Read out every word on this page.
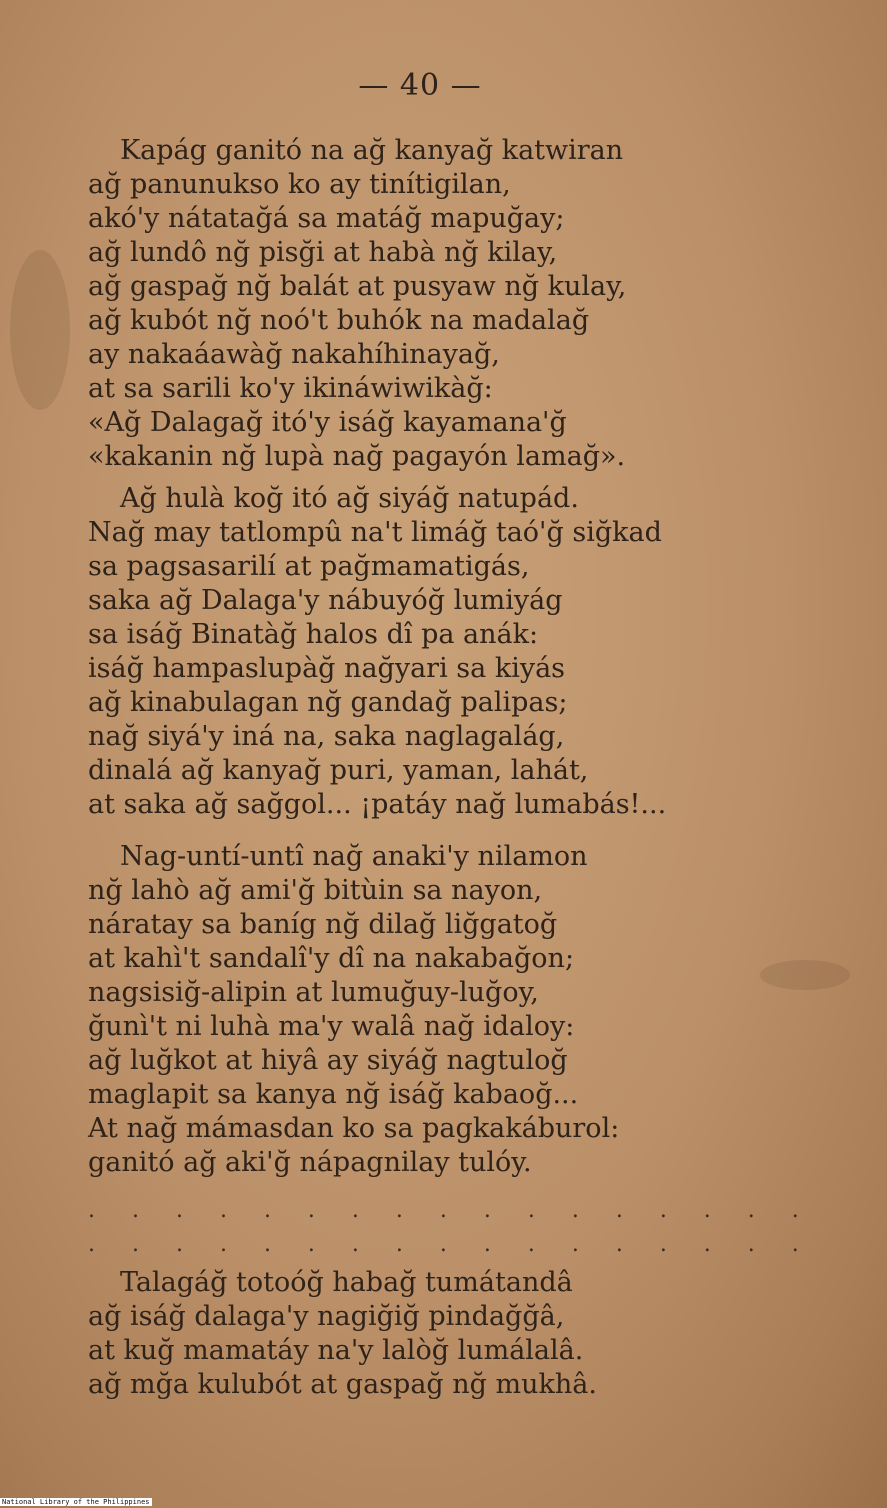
— 40 —
Kapág ganitó na ağ kanyağ katwiran
ağ panunukso ko ay tinítigilan,
akó'y nátatağá sa matáğ mapuğay;
ağ lundô nğ pisği at habà nğ kilay,
ağ gaspağ nğ balát at pusyaw nğ kulay,
ağ kubót nğ noó't buhók na madalağ
ay nakaáawàğ nakahíhinayağ,
at sa sarili ko'y ikináwiwikàğ:
«Ağ Dalagağ itó'y isáğ kayamana'ğ
«kakanin nğ lupà nağ pagayón lamağ».
Ağ hulà koğ itó ağ siyáğ natupád.
Nağ may tatlompû na't limáğ taó'ğ siğkad
sa pagsasarilí at pağmamatigás,
saka ağ Dalaga'y nábuyóğ lumiyág
sa isáğ Binatàğ halos dî pa anák:
isáğ hampaslupàğ nağyari sa kiyás
ağ kinabulagan nğ gandağ palipas;
nağ siyá'y iná na, saka naglagalág,
dinalá ağ kanyağ puri, yaman, lahát,
at saka ağ sağgol... ¡patáy nağ lumabás!...
Nag-untí-untî nağ anaki'y nilamon
nğ lahò ağ ami'ğ bitùin sa nayon,
náratay sa baníg nğ dilağ liğgatoğ
at kahì't sandalî'y dî na nakabağon;
nagsisiğ-alipin at lumuğuy-luğoy,
ğunì't ni luhà ma'y walâ nağ idaloy:
ağ luğkot at hiyâ ay siyáğ nagtuloğ
maglapit sa kanya nğ isáğ kabaoğ...
At nağ mámasdan ko sa pagkakáburol:
ganitó ağ aki'ğ nápagnilay tulóy.
. . . . . . . . . . . . . . . . .
. . . . . . . . . . . . . . . . .
Talagáğ totoóğ habağ tumátandâ
ağ isáğ dalaga'y nagiğiğ pindağğâ,
at kuğ mamatáy na'y lalòğ lumálalâ.
ağ mğa kulubót at gaspağ nğ mukhâ.
National Library of the Philippines
